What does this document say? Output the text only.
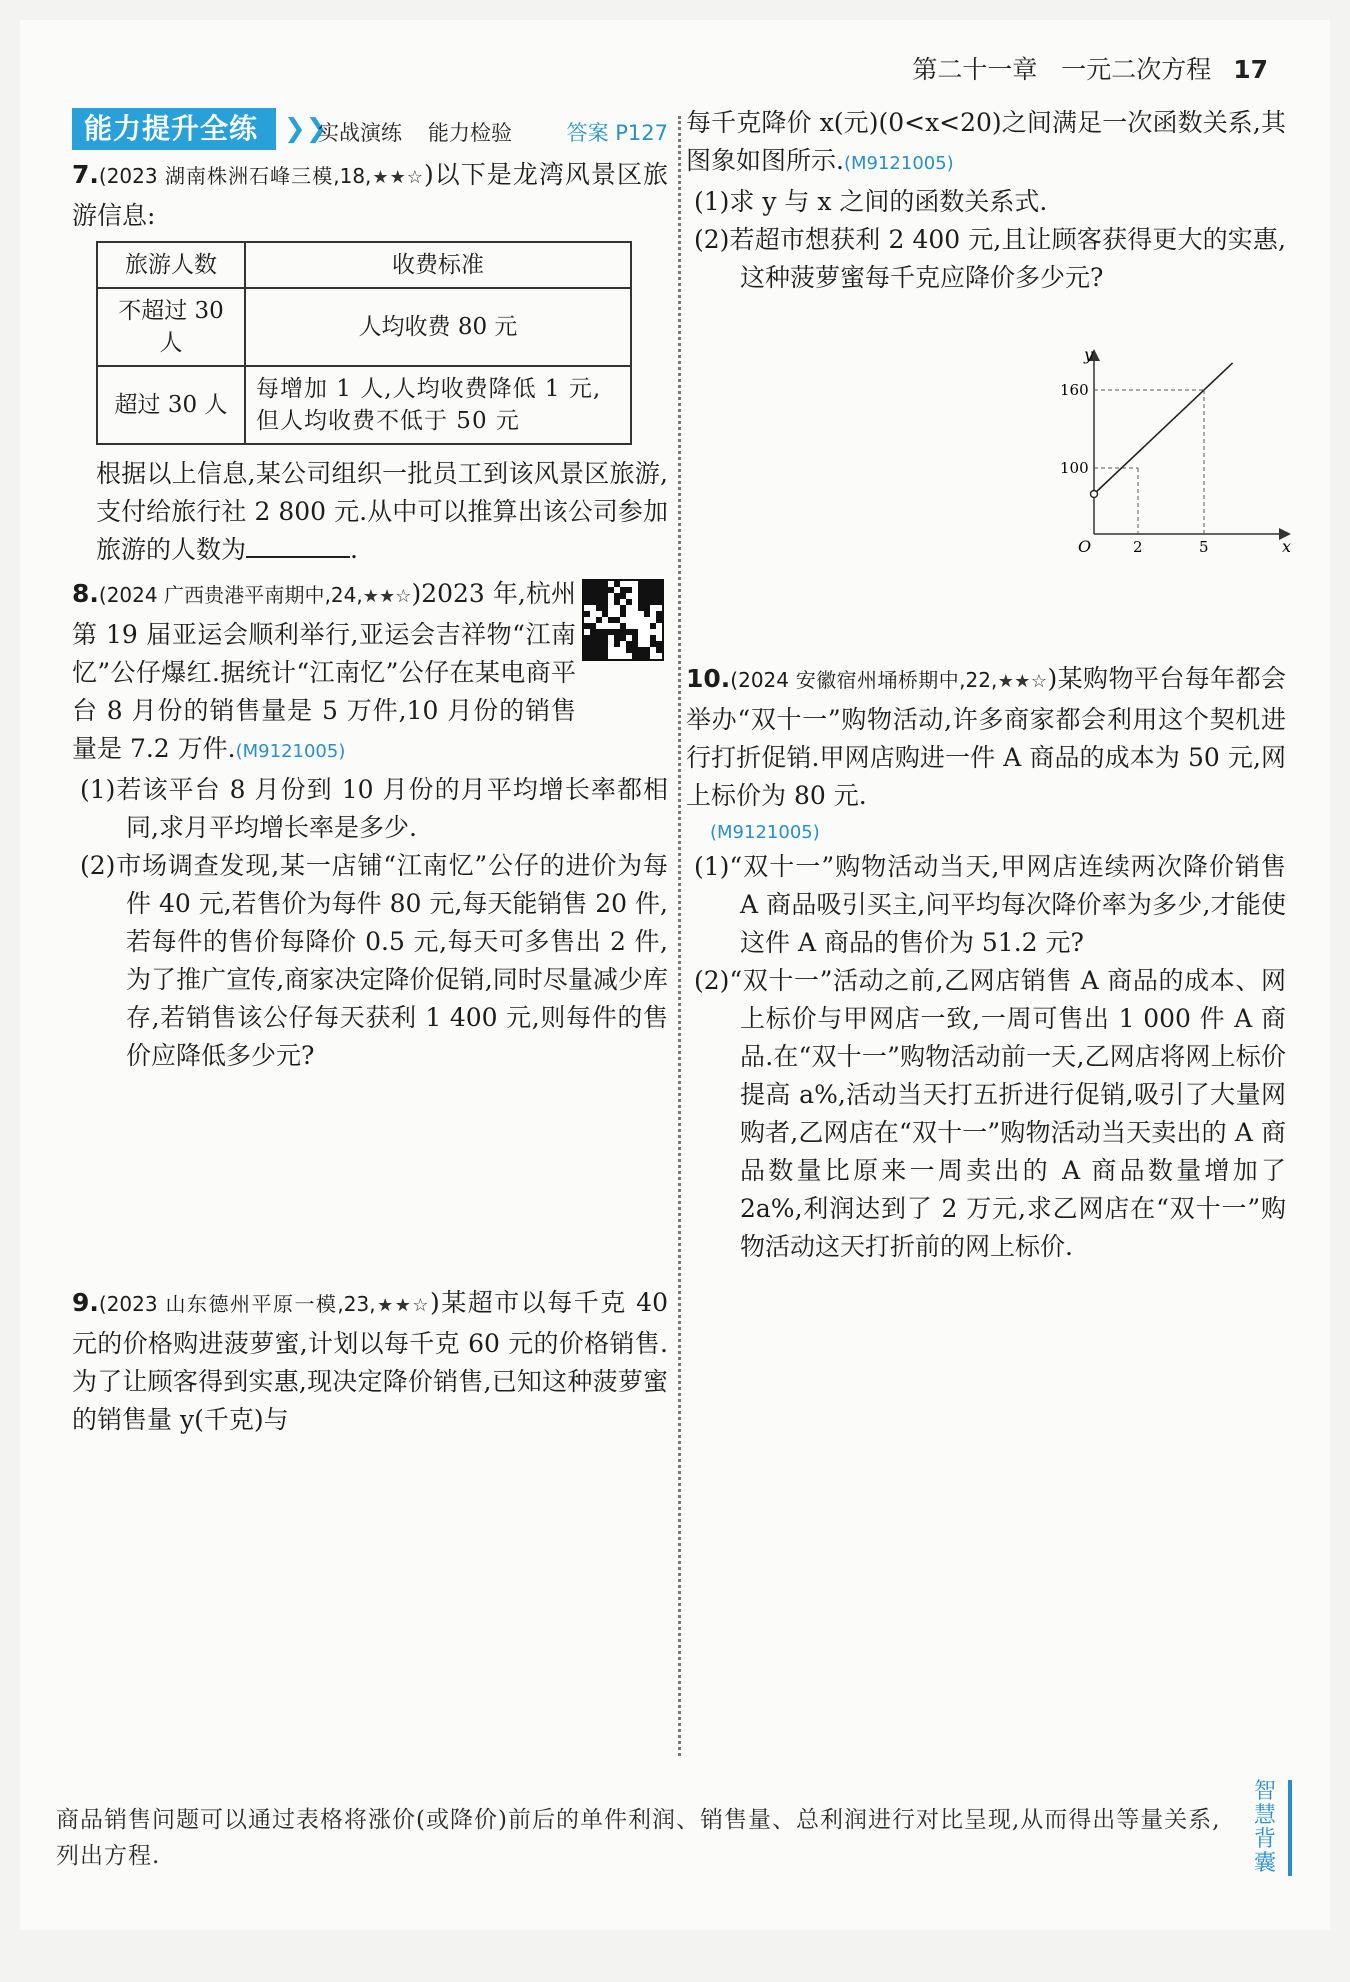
第二十一章 一元二次方程 17
能力提升全练 ❯❯
实战演练 能力检验	答案 P127

7.(2023 湖南株洲石峰三模,18,★★☆)以下是龙湾风景区旅游信息:

旅游人数	收费标准
不超过 30 人	人均收费 80 元
超过 30 人	每增加 1 人,人均收费降低 1 元,但人均收费不低于 50 元

根据以上信息,某公司组织一批员工到该风景区旅游,支付给旅行社 2 800 元.从中可以推算出该公司参加旅游的人数为	.

8.(2024 广西贵港平南期中,24,★★☆)2023 年,杭州第 19 届亚运会顺利举行,亚运会吉祥物“江南忆”公仔爆红.据统计“江南忆”公仔在某电商平台 8 月份的销售量是 5 万件,10 月份的销售量是 7.2 万件.(M9121005)

(1)若该平台 8 月份到 10 月份的月平均增长率都相同,求月平均增长率是多少.

(2)市场调查发现,某一店铺“江南忆”公仔的进价为每件 40 元,若售价为每件 80 元,每天能销售 20 件,若每件的售价每降价 0.5 元,每天可多售出 2 件,为了推广宣传,商家决定降价促销,同时尽量减少库存,若销售该公仔每天获利 1 400 元,则每件的售价应降低多少元?

9.(2023 山东德州平原一模,23,★★☆)某超市以每千克 40 元的价格购进菠萝蜜,计划以每千克 60 元的价格销售.为了让顾客得到实惠,现决定降价销售,已知这种菠萝蜜的销售量 y(千克)与

每千克降价 x(元)(0<x<20)之间满足一次函数关系,其图象如图所示.(M9121005)

(1)求 y 与 x 之间的函数关系式.

(2)若超市想获利 2 400 元,且让顾客获得更大的实惠,这种菠萝蜜每千克应降价多少元?

10.(2024 安徽宿州埇桥期中,22,★★☆)某购物平台每年都会举办“双十一”购物活动,许多商家都会利用这个契机进行打折促销.甲网店购进一件 A 商品的成本为 50 元,网上标价为 80 元.

(M9121005)

(1)“双十一”购物活动当天,甲网店连续两次降价销售 A 商品吸引买主,问平均每次降价率为多少,才能使这件 A 商品的售价为 51.2 元?

(2)“双十一”活动之前,乙网店销售 A 商品的成本、网上标价与甲网店一致,一周可售出 1 000 件 A 商品.在“双十一”购物活动前一天,乙网店将网上标价提高 a%,活动当天打五折进行促销,吸引了大量网购者,乙网店在“双十一”购物活动当天卖出的 A 商品数量比原来一周卖出的 A 商品数量增加了 2a%,利润达到了 2 万元,求乙网店在“双十一”购物活动这天打折前的网上标价.

160
100
2	5
y
x
O
商品销售问题可以通过表格将涨价(或降价)前后的单件利润、销售量、总利润进行对比呈现,从而得出等量关系,列出方程.
智慧背囊
